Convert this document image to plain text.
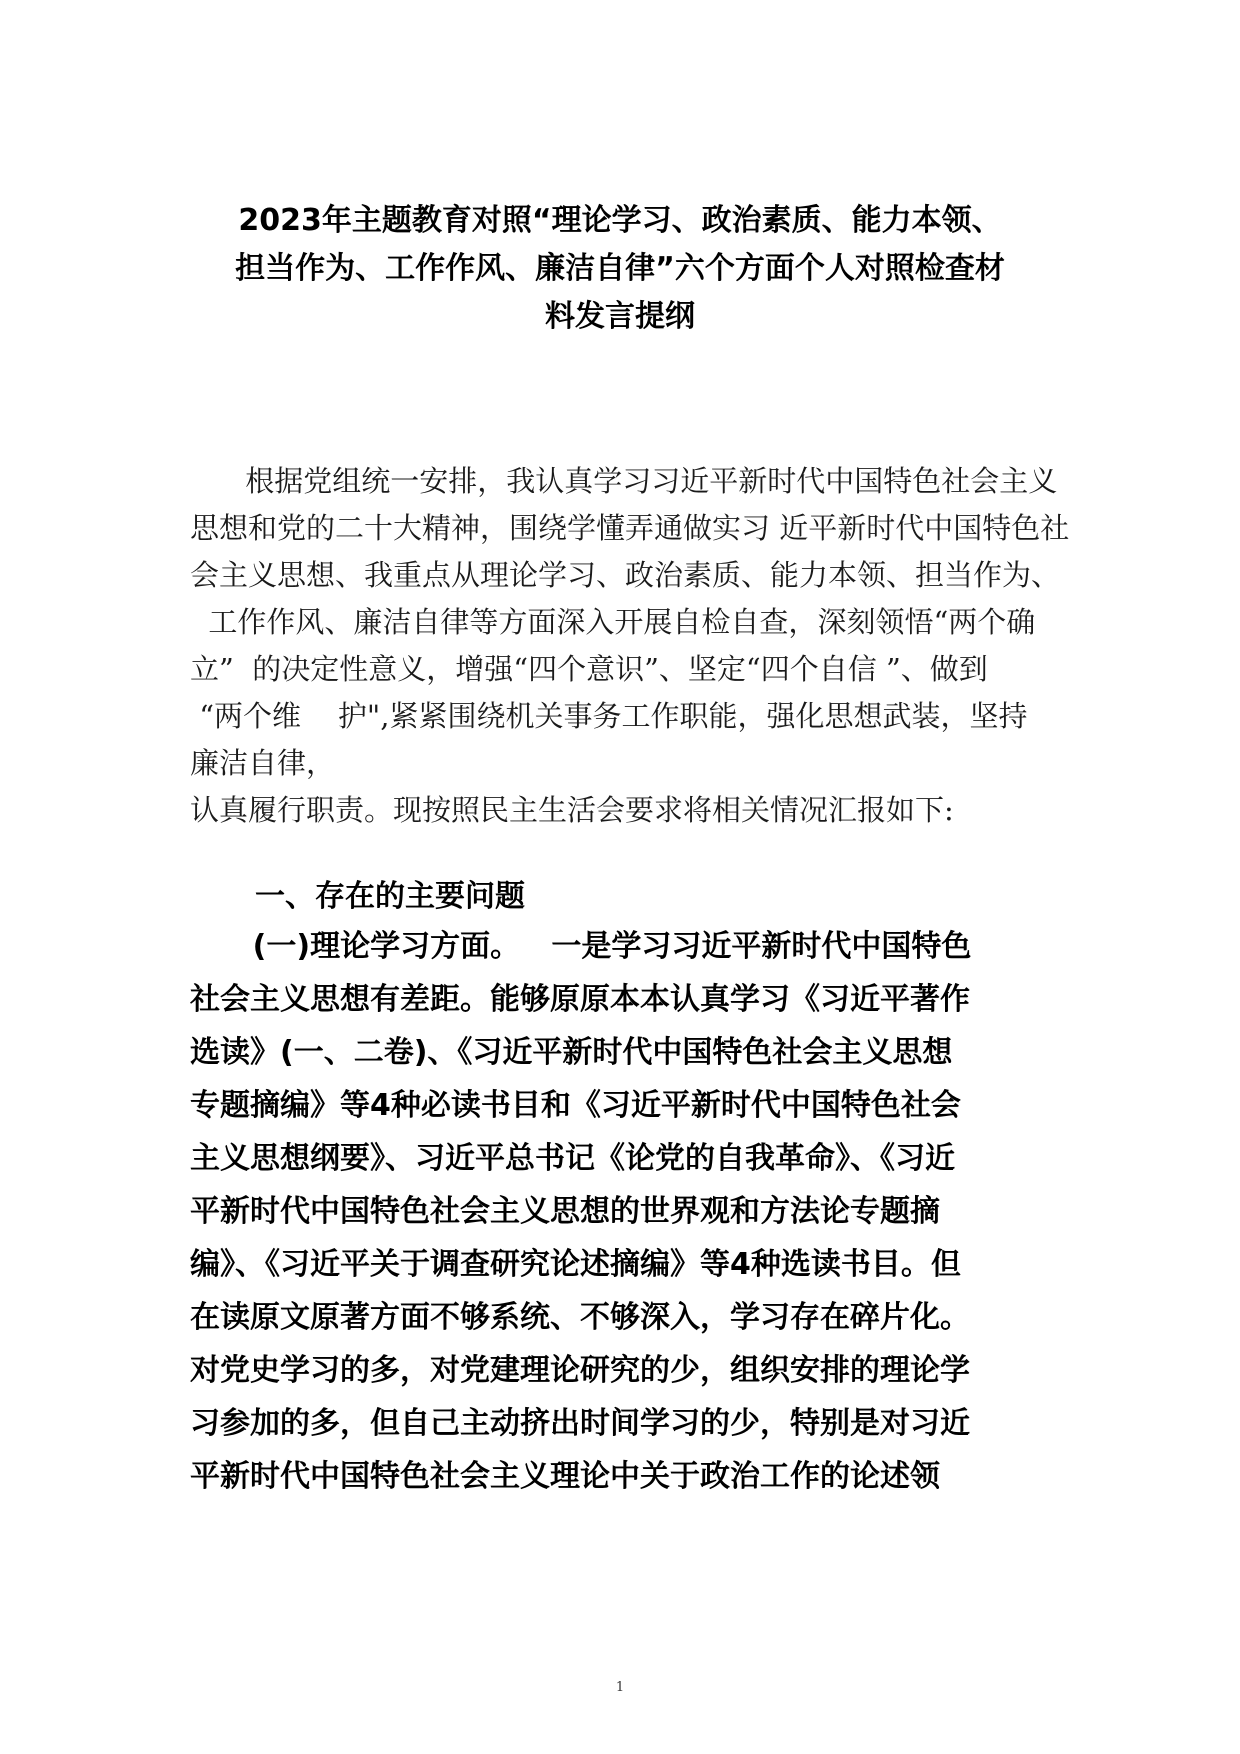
2023年主题教育对照“理论学习、政治素质、能力本领、
担当作为、工作作风、廉洁自律”六个方面个人对照检查材
料发言提纲
根据党组统一安排，我认真学习习近平新时代中国特色社会主义
思想和党的二十大精神，围绕学懂弄通做实习 近平新时代中国特色社
会主义思想、我重点从理论学习、政治素质、能力本领、担当作为、
工作作风、廉洁自律等方面深入开展自检自查，深刻领悟“两个确
立”  的决定性意义，增强“四个意识”、坚定“四个自信 ”、做到
“两个维    护",紧紧围绕机关事务工作职能，强化思想武装，坚持
廉洁自律，
认真履行职责。现按照民主生活会要求将相关情况汇报如下:
一、存在的主要问题
(一)理论学习方面。   一是学习习近平新时代中国特色
社会主义思想有差距。能够原原本本认真学习《习近平著作
选读》(一、二卷)、《习近平新时代中国特色社会主义思想
专题摘编》等4种必读书目和《习近平新时代中国特色社会
主义思想纲要》、习近平总书记《论党的自我革命》、《习近
平新时代中国特色社会主义思想的世界观和方法论专题摘
编》、《习近平关于调查研究论述摘编》等4种选读书目。但
在读原文原著方面不够系统、不够深入，学习存在碎片化。
对党史学习的多，对党建理论研究的少，组织安排的理论学
习参加的多，但自己主动挤出时间学习的少，特别是对习近
平新时代中国特色社会主义理论中关于政治工作的论述领
1
